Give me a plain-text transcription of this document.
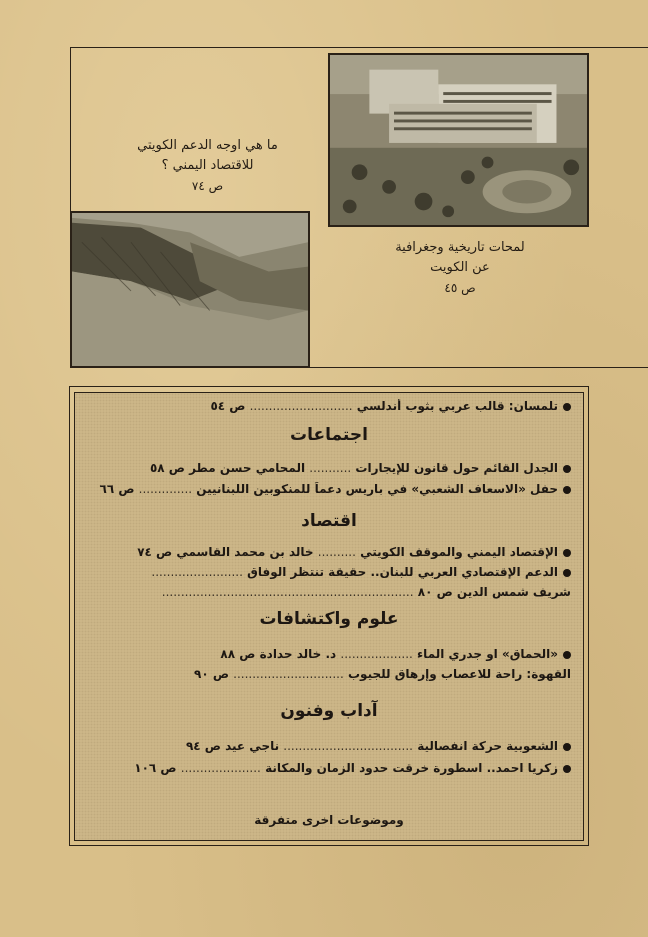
ما هي اوجه الدعم الكويتي
للاقتصاد اليمني ؟
ص ٧٤
لمحات تاريخية وجغرافية
عن الكويت
ص ٤٥
تلمسان: قالب عربي بثوب أندلسي ........................... ص ٥٤
اجتماعات
الجدل القائم حول قانون للإيجارات ........... المحامي حسن مطر ص ٥٨
حفل «الاسعاف الشعبي» في باريس دعماً للمنكوبين اللبنانيين .............. ص ٦٦
اقتصاد
الإقتصاد اليمني والموقف الكويتي .......... خالد بن محمد القاسمي ص ٧٤
الدعم الإقتصادي العربي للبنان.. حقيقة تنتظر الوفاق ........................
شريف شمس الدين ص ٨٠ ..................................................................
علوم واكتشافات
«الحماق» او جدري الماء ................... د. خالد حدادة ص ٨٨
القهوة: راحة للاعصاب وإرهاق للجيوب ............................. ص ٩٠
آداب وفنون
الشعوبية حركة انفصالية .................................. ناجي عيد ص ٩٤
زكريا احمد.. اسطورة خرقت حدود الزمان والمكانة ..................... ص ١٠٦
وموضوعات اخرى متفرقة
